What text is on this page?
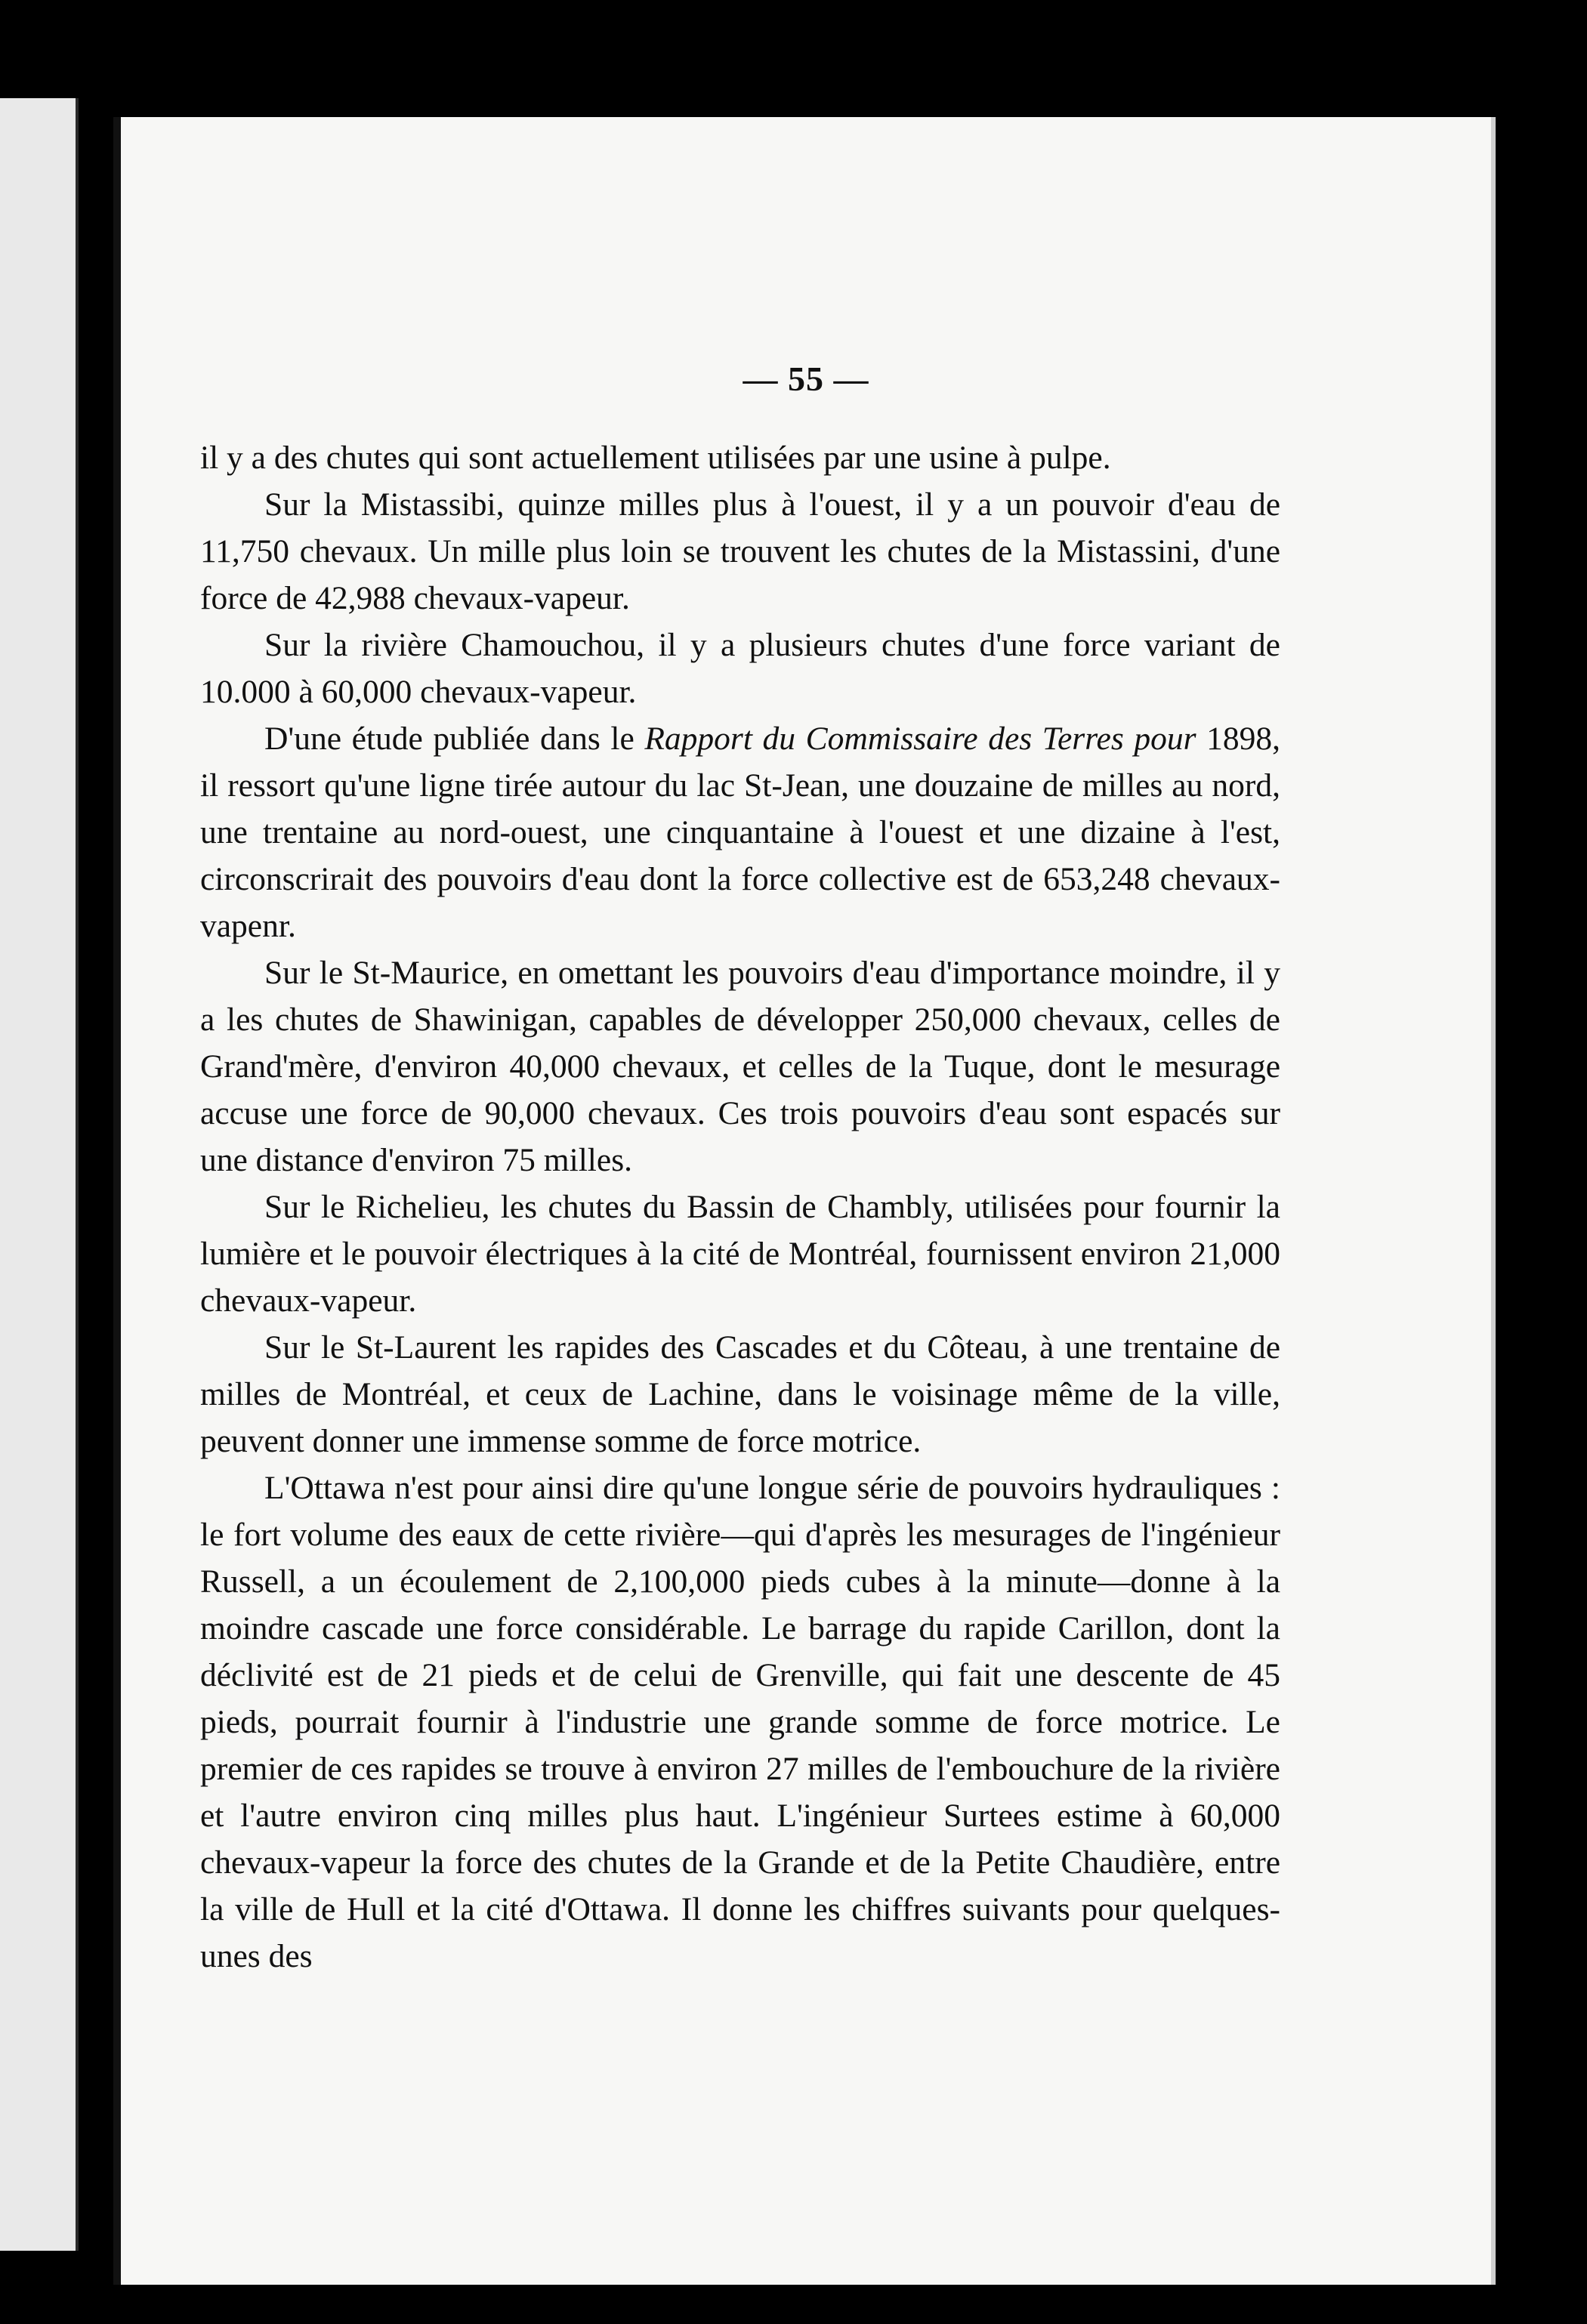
— 55 —

il y a des chutes qui sont actuellement utilisées par une usine à pulpe.

Sur la Mistassibi, quinze milles plus à l'ouest, il y a un pouvoir d'eau de 11,750 chevaux. Un mille plus loin se trouvent les chutes de la Mistassini, d'une force de 42,988 chevaux-vapeur.

Sur la rivière Chamouchou, il y a plusieurs chutes d'une force variant de 10.000 à 60,000 chevaux-vapeur.

D'une étude publiée dans le Rapport du Commissaire des Terres pour 1898, il ressort qu'une ligne tirée autour du lac St-Jean, une douzaine de milles au nord, une trentaine au nord-ouest, une cinquantaine à l'ouest et une dizaine à l'est, circonscrirait des pouvoirs d'eau dont la force collective est de 653,248 chevaux-vapenr.

Sur le St-Maurice, en omettant les pouvoirs d'eau d'importance moindre, il y a les chutes de Shawinigan, capables de développer 250,000 chevaux, celles de Grand'mère, d'environ 40,000 chevaux, et celles de la Tuque, dont le mesurage accuse une force de 90,000 chevaux. Ces trois pouvoirs d'eau sont espacés sur une distance d'environ 75 milles.

Sur le Richelieu, les chutes du Bassin de Chambly, utilisées pour fournir la lumière et le pouvoir électriques à la cité de Montréal, fournissent environ 21,000 chevaux-vapeur.

Sur le St-Laurent les rapides des Cascades et du Côteau, à une trentaine de milles de Montréal, et ceux de Lachine, dans le voisinage même de la ville, peuvent donner une immense somme de force motrice.

L'Ottawa n'est pour ainsi dire qu'une longue série de pouvoirs hydrauliques : le fort volume des eaux de cette rivière—qui d'après les mesurages de l'ingénieur Russell, a un écoulement de 2,100,000 pieds cubes à la minute—donne à la moindre cascade une force considérable. Le barrage du rapide Carillon, dont la déclivité est de 21 pieds et de celui de Grenville, qui fait une descente de 45 pieds, pourrait fournir à l'industrie une grande somme de force motrice. Le premier de ces rapides se trouve à environ 27 milles de l'embouchure de la rivière et l'autre environ cinq milles plus haut. L'ingénieur Surtees estime à 60,000 chevaux-vapeur la force des chutes de la Grande et de la Petite Chaudière, entre la ville de Hull et la cité d'Ottawa. Il donne les chiffres suivants pour quelques-unes des
